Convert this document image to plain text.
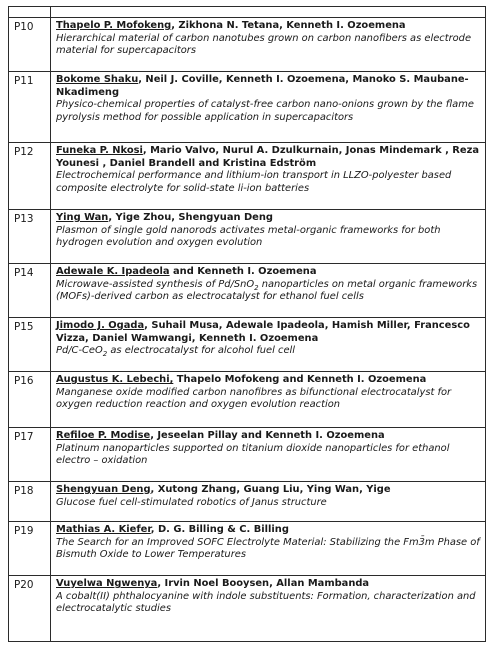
P10	Thapelo P. Mofokeng, Zikhona N. Tetana, Kenneth I. Ozoemena
Hierarchical material of carbon nanotubes grown on carbon nanofibers as electrode material for supercapacitors

P11	Bokome Shaku, Neil J. Coville, Kenneth I. Ozoemena, Manoko S. Maubane-Nkadimeng
Physico-chemical properties of catalyst-free carbon nano-onions grown by the flame pyrolysis method for possible application in supercapacitors

P12	Funeka P. Nkosi, Mario Valvo, Nurul A. Dzulkurnain, Jonas Mindemark , Reza Younesi , Daniel Brandell and Kristina Edström
Electrochemical performance and lithium-ion transport in LLZO-polyester based composite electrolyte for solid-state li-ion batteries

P13	Ying Wan, Yige Zhou, Shengyuan Deng
Plasmon of single gold nanorods activates metal-organic frameworks for both hydrogen evolution and oxygen evolution

P14	Adewale K. Ipadeola and Kenneth I. Ozoemena
Microwave-assisted synthesis of Pd/SnO$_2$ nanoparticles on metal organic frameworks (MOFs)-derived carbon as electrocatalyst for ethanol fuel cells

P15	Jimodo J. Ogada, Suhail Musa, Adewale Ipadeola, Hamish Miller, Francesco Vizza, Daniel Wamwangi, Kenneth I. Ozoemena
Pd/C-CeO$_2$ as electrocatalyst for alcohol fuel cell

P16	Augustus K. Lebechi, Thapelo Mofokeng and Kenneth I. Ozoemena
Manganese oxide modified carbon nanofibres as bifunctional electrocatalyst for oxygen reduction reaction and oxygen evolution reaction

P17	Refiloe P. Modise, Jeseelan Pillay and Kenneth I. Ozoemena
Platinum nanoparticles supported on titanium dioxide nanoparticles for ethanol electro – oxidation

P18	Shengyuan Deng, Xutong Zhang, Guang Liu, Ying Wan, Yige
Glucose fuel cell-stimulated robotics of Janus structure

P19	Mathias A. Kiefer, D. G. Billing & C. Billing
The Search for an Improved SOFC Electrolyte Material: Stabilizing the Fm3̄m Phase of Bismuth Oxide to Lower Temperatures

P20	Vuyelwa Ngwenya, Irvin Noel Booysen, Allan Mambanda
A cobalt(II) phthalocyanine with indole substituents: Formation, characterization and electrocatalytic studies
